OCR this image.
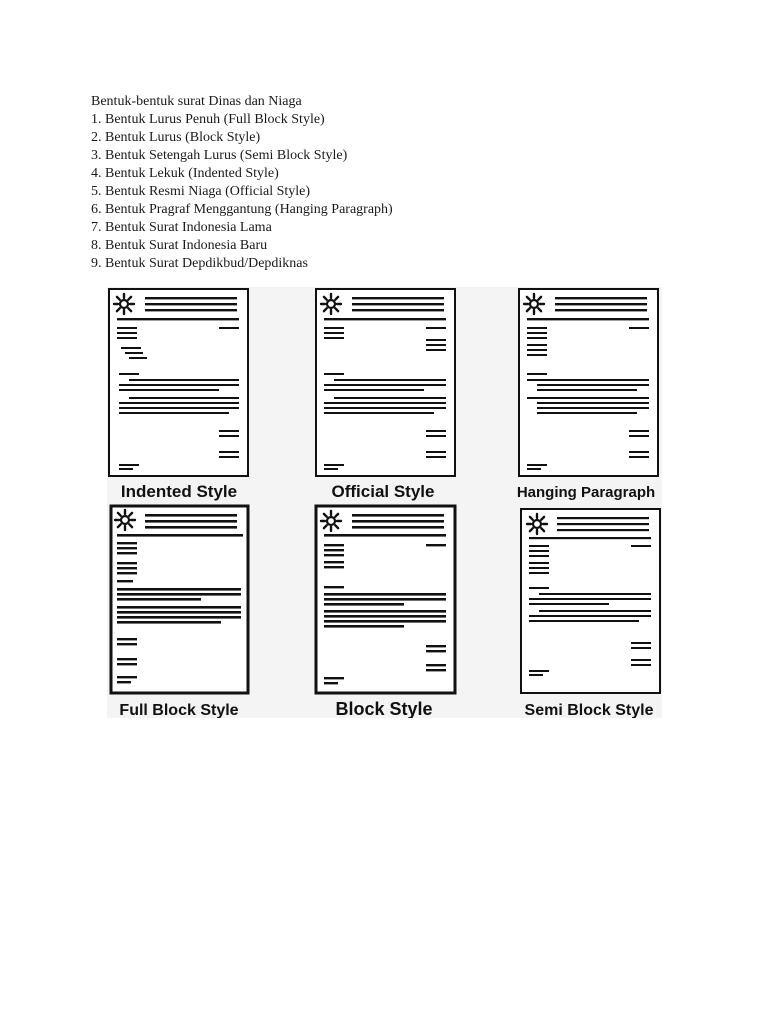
Bentuk-bentuk surat Dinas dan Niaga
1. Bentuk Lurus Penuh (Full Block Style)
2. Bentuk Lurus (Block Style)
3. Bentuk Setengah Lurus (Semi Block Style)
4. Bentuk Lekuk (Indented Style)
5. Bentuk Resmi Niaga (Official Style)
6. Bentuk Pragraf Menggantung (Hanging Paragraph)
7. Bentuk Surat Indonesia Lama
8. Bentuk Surat Indonesia Baru
9. Bentuk Surat Depdikbud/Depdiknas
Indented Style	Official Style	Hanging Paragraph
Full Block Style	Block Style	Semi Block Style
